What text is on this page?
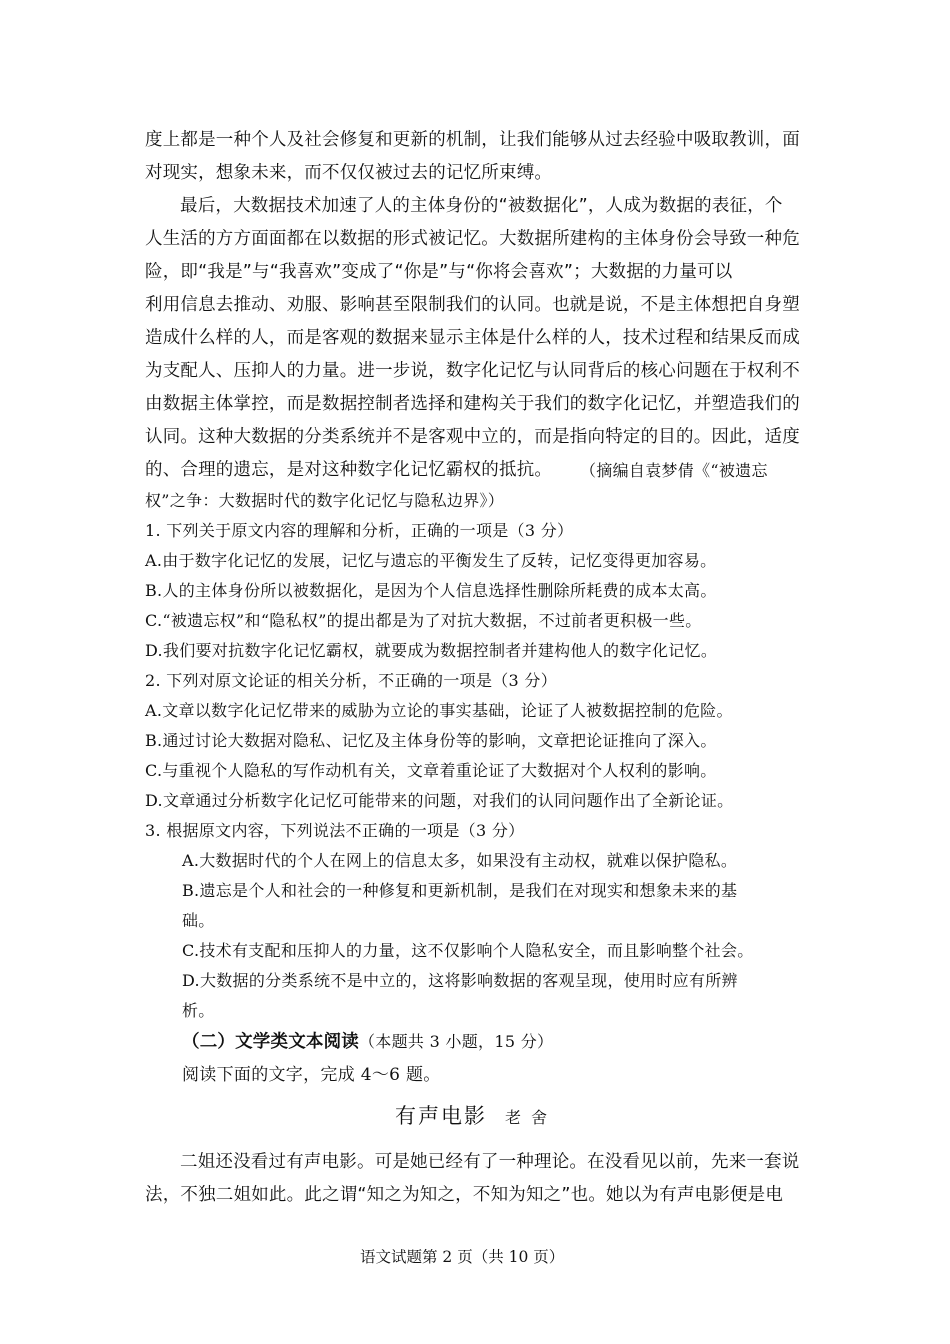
度上都是一种个人及社会修复和更新的机制，让我们能够从过去经验中吸取教训，面
对现实，想象未来，而不仅仅被过去的记忆所束缚。
最后，大数据技术加速了人的主体身份的“被数据化”，人成为数据的表征，个
人生活的方方面面都在以数据的形式被记忆。大数据所建构的主体身份会导致一种危
险，即“我是”与“我喜欢”变成了“你是”与“你将会喜欢”；大数据的力量可以
利用信息去推动、劝服、影响甚至限制我们的认同。也就是说，不是主体想把自身塑
造成什么样的人，而是客观的数据来显示主体是什么样的人，技术过程和结果反而成
为支配人、压抑人的力量。进一步说，数字化记忆与认同背后的核心问题在于权利不
由数据主体掌控，而是数据控制者选择和建构关于我们的数字化记忆，并塑造我们的
认同。这种大数据的分类系统并不是客观中立的，而是指向特定的目的。因此，适度
的、合理的遗忘，是对这种数字化记忆霸权的抵抗。 （摘编自袁梦倩《“被遗忘
权”之争：大数据时代的数字化记忆与隐私边界》）
1. 下列关于原文内容的理解和分析，正确的一项是（3 分）
A.由于数字化记忆的发展，记忆与遗忘的平衡发生了反转，记忆变得更加容易。
B.人的主体身份所以被数据化，是因为个人信息选择性删除所耗费的成本太高。
C.“被遗忘权”和“隐私权”的提出都是为了对抗大数据，不过前者更积极一些。
D.我们要对抗数字化记忆霸权，就要成为数据控制者并建构他人的数字化记忆。
2. 下列对原文论证的相关分析，不正确的一项是（3 分）
A.文章以数字化记忆带来的威胁为立论的事实基础，论证了人被数据控制的危险。
B.通过讨论大数据对隐私、记忆及主体身份等的影响，文章把论证推向了深入。
C.与重视个人隐私的写作动机有关，文章着重论证了大数据对个人权利的影响。
D.文章通过分析数字化记忆可能带来的问题，对我们的认同问题作出了全新论证。
3. 根据原文内容，下列说法不正确的一项是（3 分）
A.大数据时代的个人在网上的信息太多，如果没有主动权，就难以保护隐私。
B.遗忘是个人和社会的一种修复和更新机制，是我们在对现实和想象未来的基
础。
C.技术有支配和压抑人的力量，这不仅影响个人隐私安全，而且影响整个社会。
D.大数据的分类系统不是中立的，这将影响数据的客观呈现，使用时应有所辨
析。
（二）文学类文本阅读（本题共 3 小题，15 分）
阅读下面的文字，完成 4～6 题。
有声电影 老舍
二姐还没看过有声电影。可是她已经有了一种理论。在没看见以前，先来一套说
法，不独二姐如此。此之谓“知之为知之，不知为知之”也。她以为有声电影便是电
语文试题第 2 页（共 10 页）
